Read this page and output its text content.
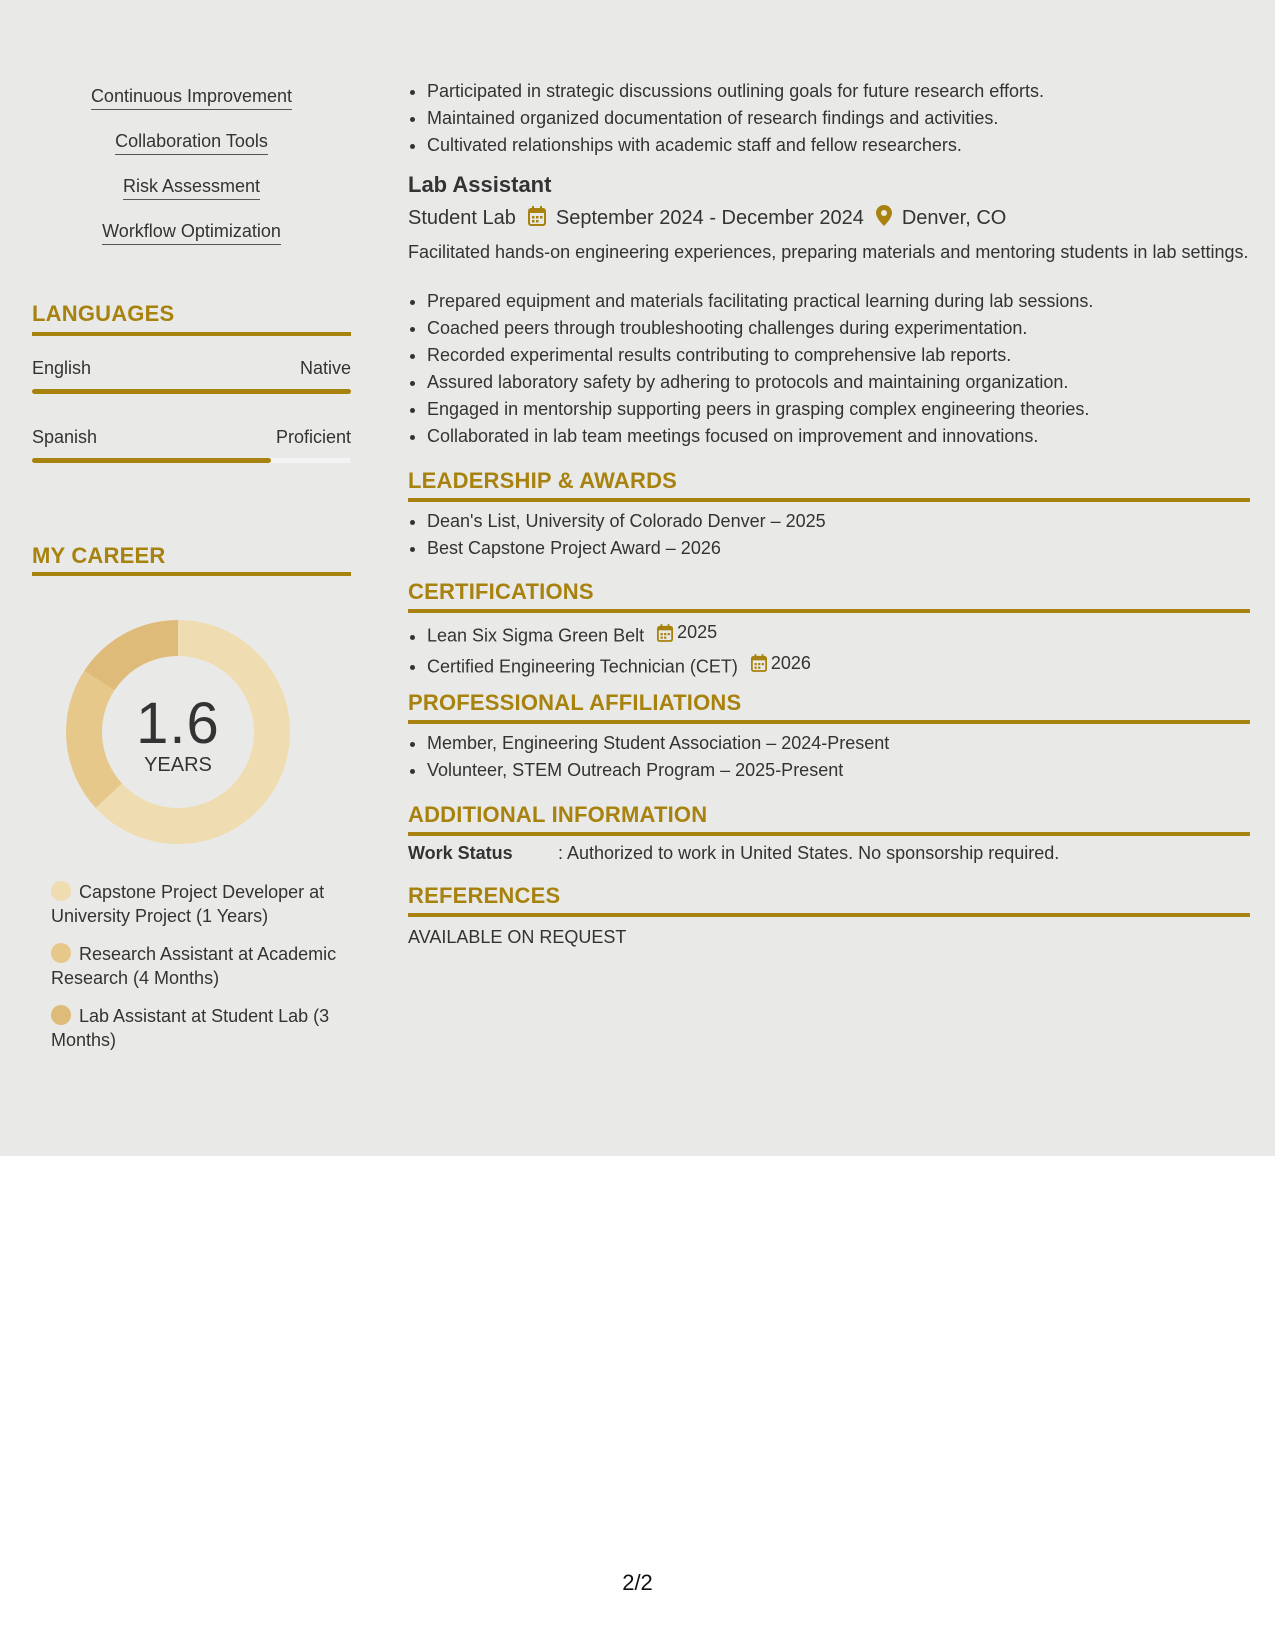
Continuous Improvement
Collaboration Tools
Risk Assessment
Workflow Optimization
LANGUAGES
English	Native
Spanish	Proficient
MY CAREER
1.6
YEARS
Capstone Project Developer at University Project (1 Years)
Research Assistant at Academic Research (4 Months)
Lab Assistant at Student Lab (3 Months)
• Participated in strategic discussions outlining goals for future research efforts.
• Maintained organized documentation of research findings and activities.
• Cultivated relationships with academic staff and fellow researchers.
Lab Assistant
Student Lab September 2024 - December 2024 Denver, CO
Facilitated hands-on engineering experiences, preparing materials and mentoring students in lab settings.
• Prepared equipment and materials facilitating practical learning during lab sessions.
• Coached peers through troubleshooting challenges during experimentation.
• Recorded experimental results contributing to comprehensive lab reports.
• Assured laboratory safety by adhering to protocols and maintaining organization.
• Engaged in mentorship supporting peers in grasping complex engineering theories.
• Collaborated in lab team meetings focused on improvement and innovations.
LEADERSHIP & AWARDS
• Dean's List, University of Colorado Denver – 2025
• Best Capstone Project Award – 2026
CERTIFICATIONS
• Lean Six Sigma Green Belt 2025
• Certified Engineering Technician (CET) 2026
PROFESSIONAL AFFILIATIONS
• Member, Engineering Student Association – 2024-Present
• Volunteer, STEM Outreach Program – 2025-Present
ADDITIONAL INFORMATION
Work Status	: Authorized to work in United States. No sponsorship required.
REFERENCES
AVAILABLE ON REQUEST
2/2
